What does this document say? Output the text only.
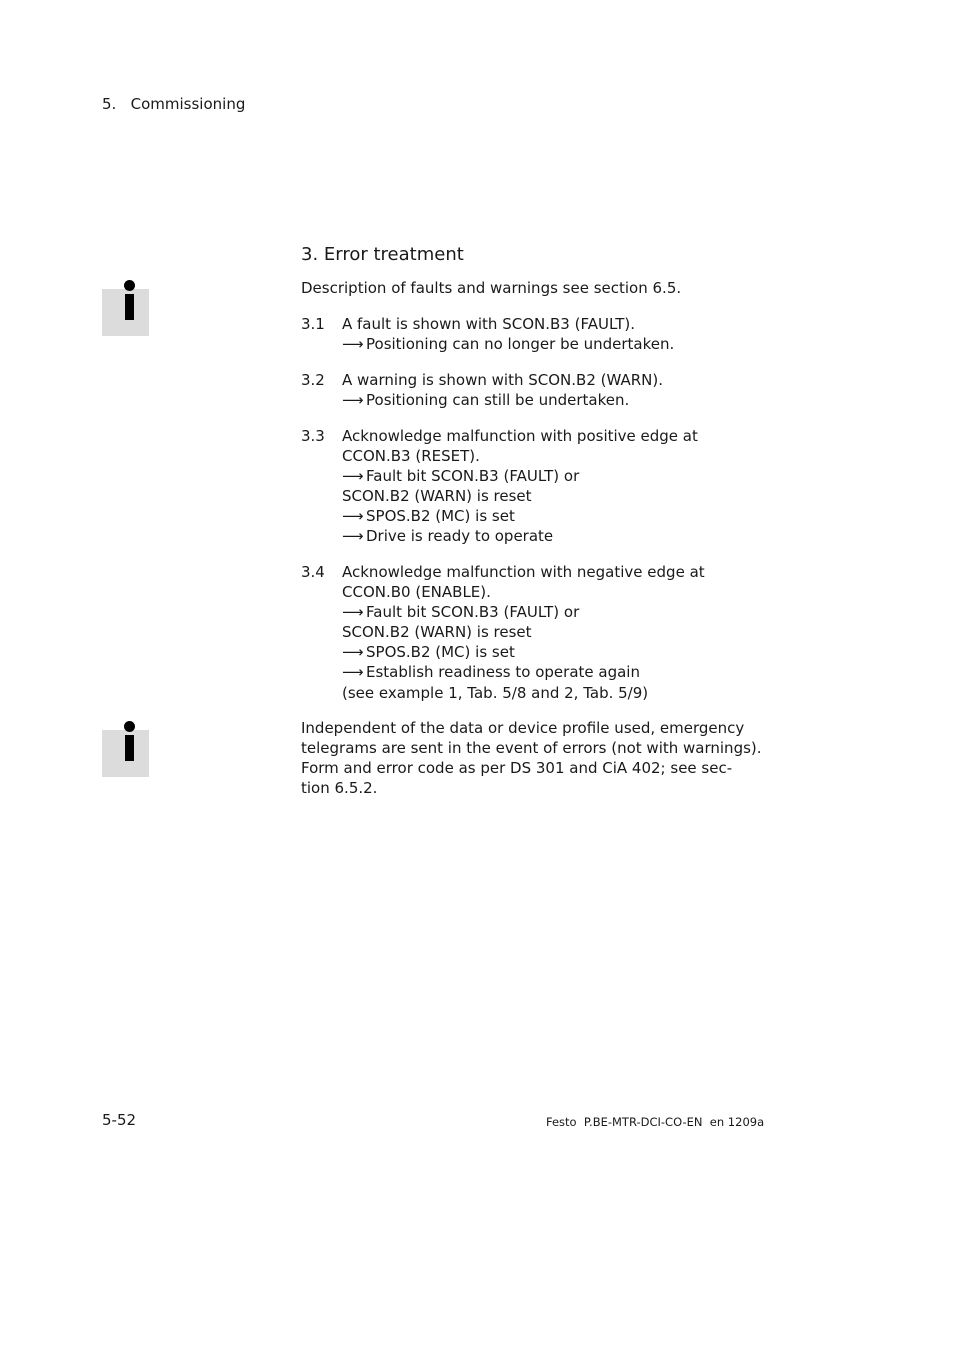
5. Commissioning
3. Error treatment
Description of faults and warnings see section 6.5.
3.1 A fault is shown with SCON.B3 (FAULT).
⟶ Positioning can no longer be undertaken.
3.2 A warning is shown with SCON.B2 (WARN).
⟶ Positioning can still be undertaken.
3.3 Acknowledge malfunction with positive edge at
CCON.B3 (RESET).
⟶ Fault bit SCON.B3 (FAULT) or
SCON.B2 (WARN) is reset
⟶ SPOS.B2 (MC) is set
⟶ Drive is ready to operate
3.4 Acknowledge malfunction with negative edge at
CCON.B0 (ENABLE).
⟶ Fault bit SCON.B3 (FAULT) or
SCON.B2 (WARN) is reset
⟶ SPOS.B2 (MC) is set
⟶ Establish readiness to operate again
(see example 1, Tab. 5/8 and 2, Tab. 5/9)
Independent of the data or device profile used, emergency
telegrams are sent in the event of errors (not with warnings).
Form and error code as per DS 301 and CiA 402; see sec-
tion 6.5.2.
5-52	Festo  P.BE-MTR-DCI-CO-EN  en 1209a
